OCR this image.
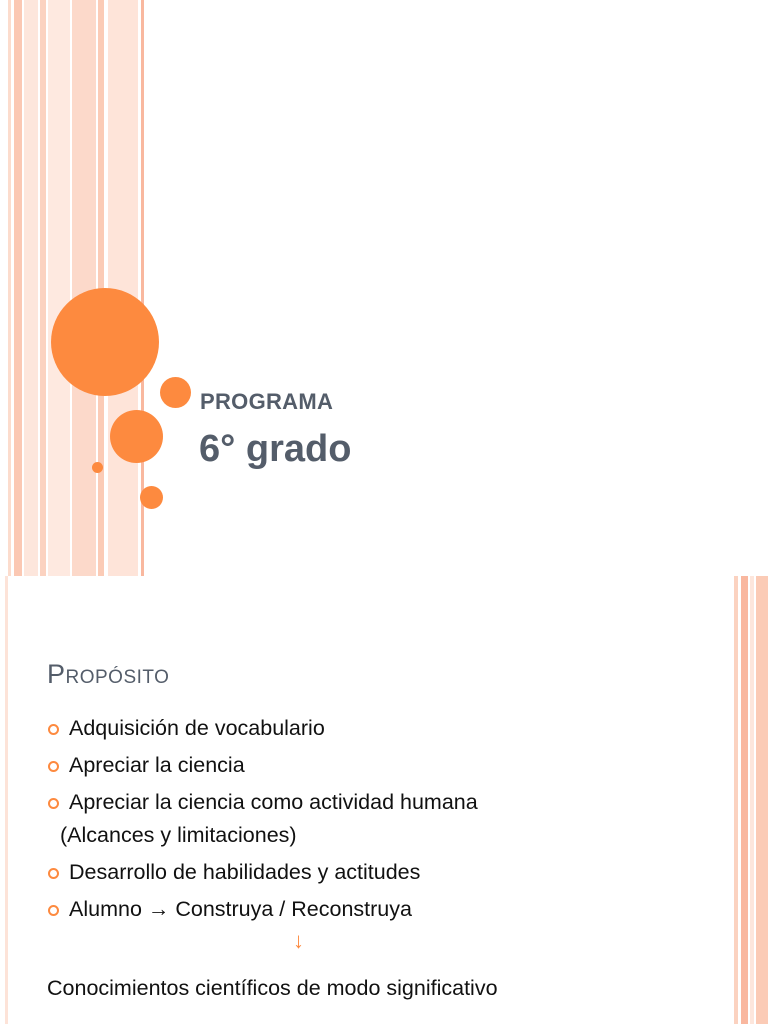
PROGRAMA
6° grado
Propósito
Adquisición de vocabulario
Apreciar la ciencia
Apreciar la ciencia como actividad humana
(Alcances y limitaciones)
Desarrollo de habilidades y actitudes
Alumno → Construya / Reconstruya
↓
Conocimientos científicos de modo significativo
